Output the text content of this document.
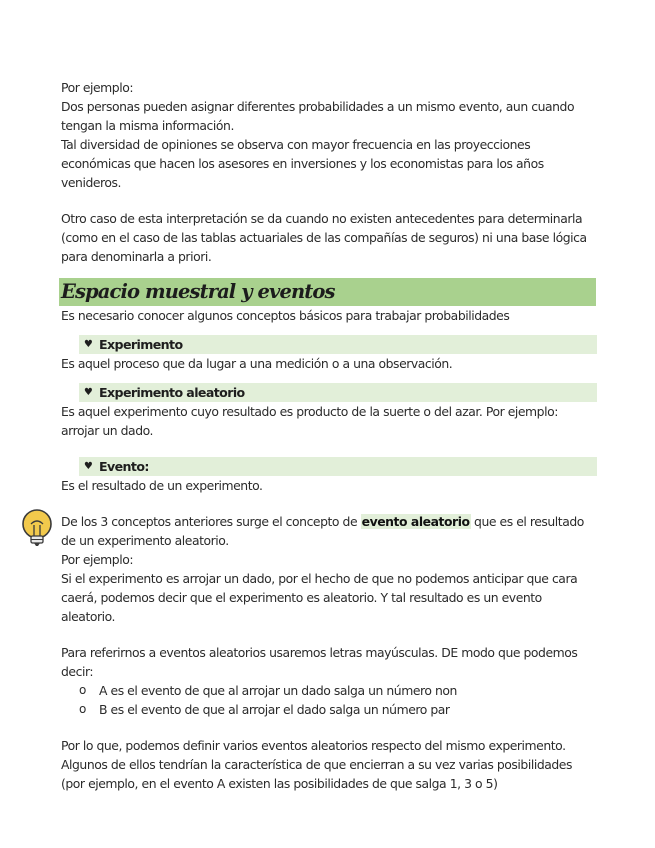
Por ejemplo:

Dos personas pueden asignar diferentes probabilidades a un mismo evento, aun cuando tengan la misma información.

Tal diversidad de opiniones se observa con mayor frecuencia en las proyecciones económicas que hacen los asesores en inversiones y los economistas para los años venideros.

Otro caso de esta interpretación se da cuando no existen antecedentes para determinarla (como en el caso de las tablas actuariales de las compañías de seguros) ni una base lógica para denominarla a priori.

Espacio muestral y eventos

Es necesario conocer algunos conceptos básicos para trabajar probabilidades

♥ Experimento

Es aquel proceso que da lugar a una medición o a una observación.

♥ Experimento aleatorio

Es aquel experimento cuyo resultado es producto de la suerte o del azar. Por ejemplo: arrojar un dado.

♥ Evento:

Es el resultado de un experimento.

De los 3 conceptos anteriores surge el concepto de evento aleatorio que es el resultado de un experimento aleatorio.

Por ejemplo:

Si el experimento es arrojar un dado, por el hecho de que no podemos anticipar que cara caerá, podemos decir que el experimento es aleatorio. Y tal resultado es un evento aleatorio.

Para referirnos a eventos aleatorios usaremos letras mayúsculas. DE modo que podemos decir:

o	A es el evento de que al arrojar un dado salga un número non
o	B es el evento de que al arrojar el dado salga un número par

Por lo que, podemos definir varios eventos aleatorios respecto del mismo experimento. Algunos de ellos tendrían la característica de que encierran a su vez varias posibilidades (por ejemplo, en el evento A existen las posibilidades de que salga 1, 3 o 5)
